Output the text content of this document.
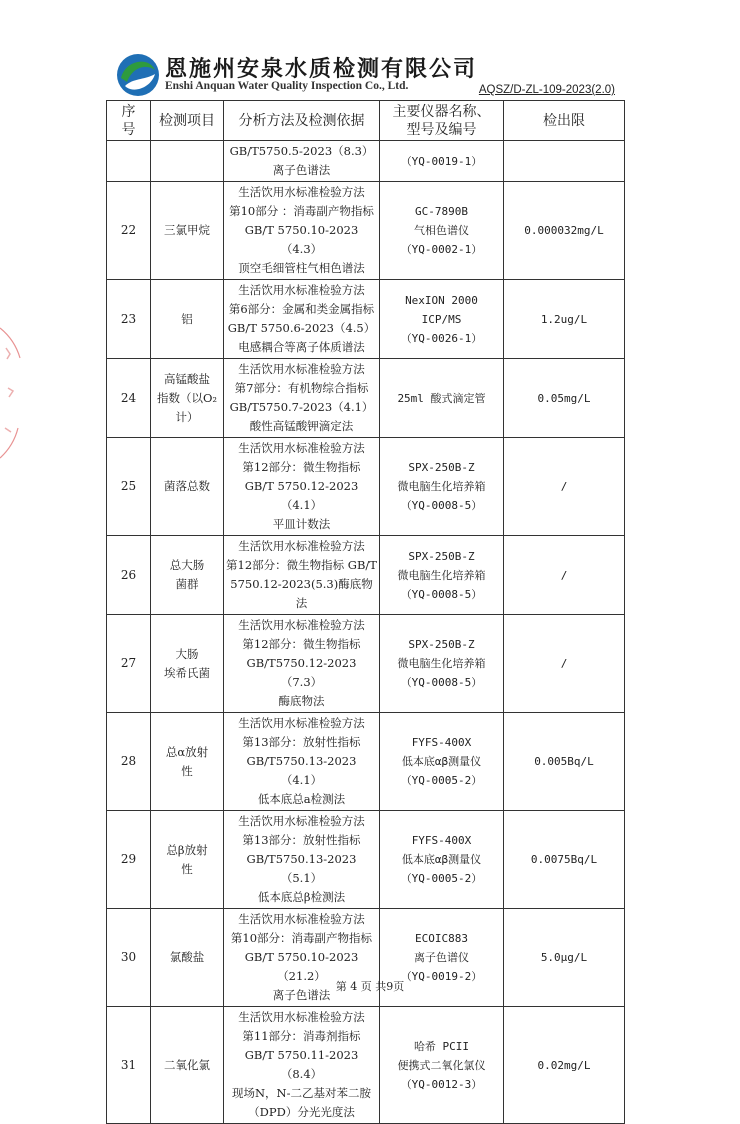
恩施州安泉水质检测有限公司
Enshi Anquan Water Quality Inspection Co., Ltd.	AQSZ/D-ZL-109-2023(2.0)
序
号	检测项目	分析方法及检测依据	主要仪器名称、
型号及编号	检出限
		GB/T5750.5-2023（8.3）
离子色谱法	（YQ-0019-1）	
22	三氯甲烷	生活饮用水标准检验方法
第10部分 ：消毒副产物指标
GB/T 5750.10-2023（4.3）
顶空毛细管柱气相色谱法	GC-7890B
气相色谱仪
（YQ-0002-1）	0.000032mg/L
23	铝	生活饮用水标准检验方法
第6部分：金属和类金属指标
GB/T 5750.6-2023（4.5）
电感耦合等离子体质谱法	NexION 2000
ICP/MS
（YQ-0026-1）	1.2ug/L
24	高锰酸盐
指数（以O₂
计）	生活饮用水标准检验方法
第7部分：有机物综合指标
GB/T5750.7-2023（4.1）
酸性高锰酸钾滴定法	25ml 酸式滴定管	0.05mg/L
25	菌落总数	生活饮用水标准检验方法
第12部分：微生物指标
GB/T 5750.12-2023（4.1）
平皿计数法	SPX-250B-Z
微电脑生化培养箱
（YQ-0008-5）	/
26	总大肠
菌群	生活饮用水标准检验方法
第12部分：微生物指标 GB/T
5750.12-2023(5.3)酶底物法	SPX-250B-Z
微电脑生化培养箱
（YQ-0008-5）	/
27	大肠
埃希氏菌	生活饮用水标准检验方法
第12部分：微生物指标
GB/T5750.12-2023 （7.3）
酶底物法	SPX-250B-Z
微电脑生化培养箱
（YQ-0008-5）	/
28	总α放射
性	生活饮用水标准检验方法
第13部分：放射性指标
GB/T5750.13-2023（4.1）
低本底总a检测法	FYFS-400X
低本底αβ测量仪
（YQ-0005-2）	0.005Bq/L
29	总β放射
性	生活饮用水标准检验方法
第13部分：放射性指标
GB/T5750.13-2023（5.1）
低本底总β检测法	FYFS-400X
低本底αβ测量仪
（YQ-0005-2）	0.0075Bq/L
30	氯酸盐	生活饮用水标准检验方法
第10部分：消毒副产物指标
GB/T 5750.10-2023（21.2）
离子色谱法	ECOIC883
离子色谱仪
（YQ-0019-2）	5.0μg/L
31	二氧化氯	生活饮用水标准检验方法
第11部分：消毒剂指标
GB/T 5750.11-2023（8.4）
现场N，N-二乙基对苯二胺
（DPD）分光光度法	哈希 PCII
便携式二氧化氯仪
（YQ-0012-3）	0.02mg/L
第 4 页 共9页
